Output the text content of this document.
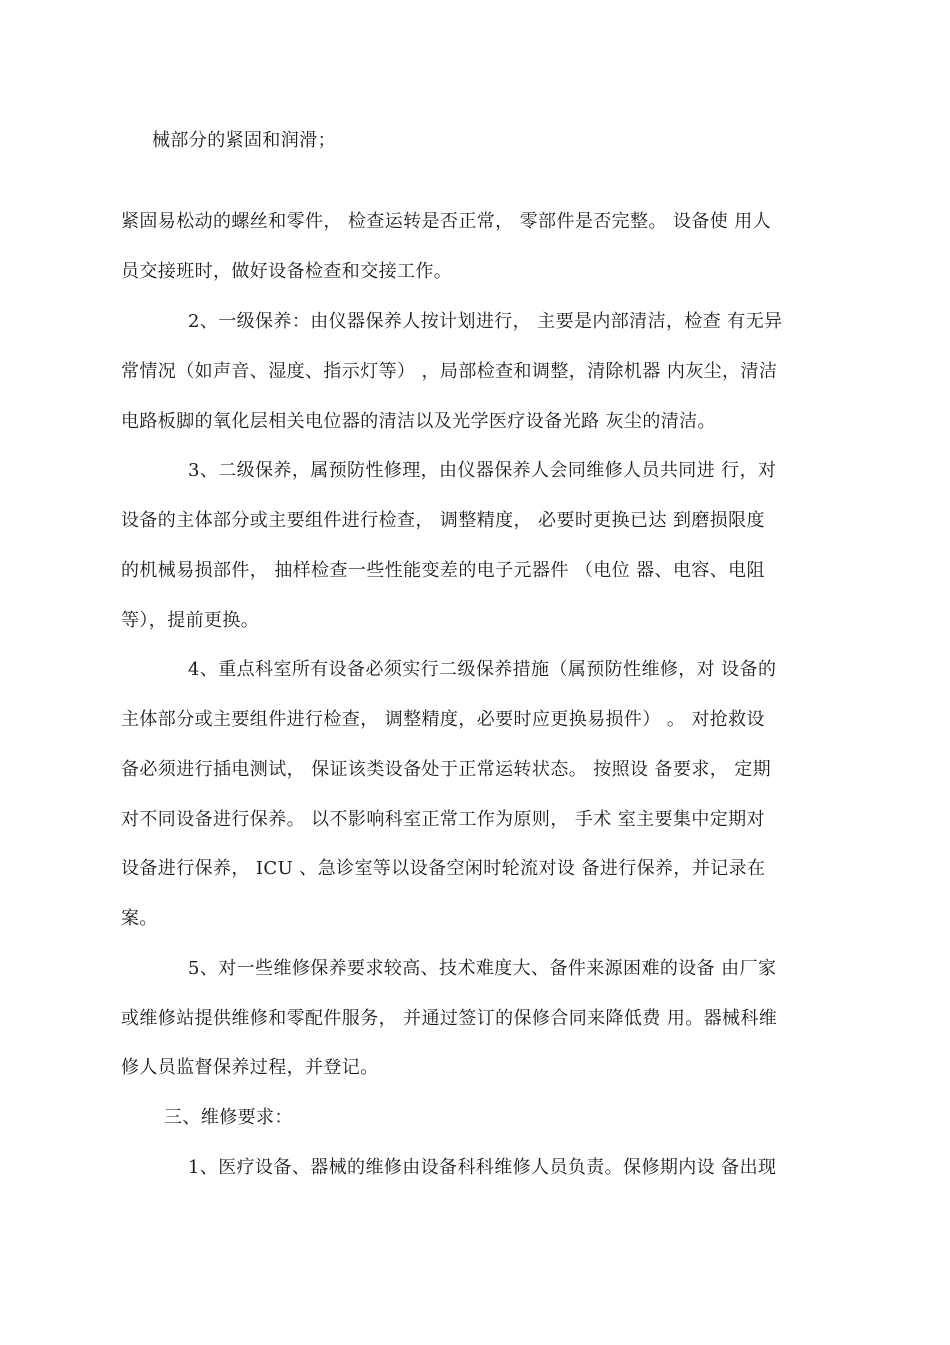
械部分的紧固和润滑；
紧固易松动的螺丝和零件， 检查运转是否正常， 零部件是否完整。 设备使 用人
员交接班时，做好设备检查和交接工作。
2、一级保养：由仪器保养人按计划进行， 主要是内部清洁，检查 有无异
常情况（如声音、湿度、指示灯等） ，局部检查和调整，清除机器 内灰尘，清洁
电路板脚的氧化层相关电位器的清洁以及光学医疗设备光路 灰尘的清洁。
3、二级保养，属预防性修理，由仪器保养人会同维修人员共同进 行，对
设备的主体部分或主要组件进行检查， 调整精度， 必要时更换已达 到磨损限度
的机械易损部件， 抽样检查一些性能变差的电子元器件 （电位 器、电容、电阻
等），提前更换。
4、重点科室所有设备必须实行二级保养措施（属预防性维修，对 设备的
主体部分或主要组件进行检查， 调整精度，必要时应更换易损件） 。 对抢救设
备必须进行插电测试， 保证该类设备处于正常运转状态。 按照设 备要求， 定期
对不同设备进行保养。 以不影响科室正常工作为原则， 手术 室主要集中定期对
设备进行保养， ICU 、急诊室等以设备空闲时轮流对设 备进行保养，并记录在
案。
5、对一些维修保养要求较高、技术难度大、备件来源困难的设备 由厂家
或维修站提供维修和零配件服务， 并通过签订的保修合同来降低费 用。器械科维
修人员监督保养过程，并登记。
三、维修要求：
1、医疗设备、器械的维修由设备科科维修人员负责。保修期内设 备出现
